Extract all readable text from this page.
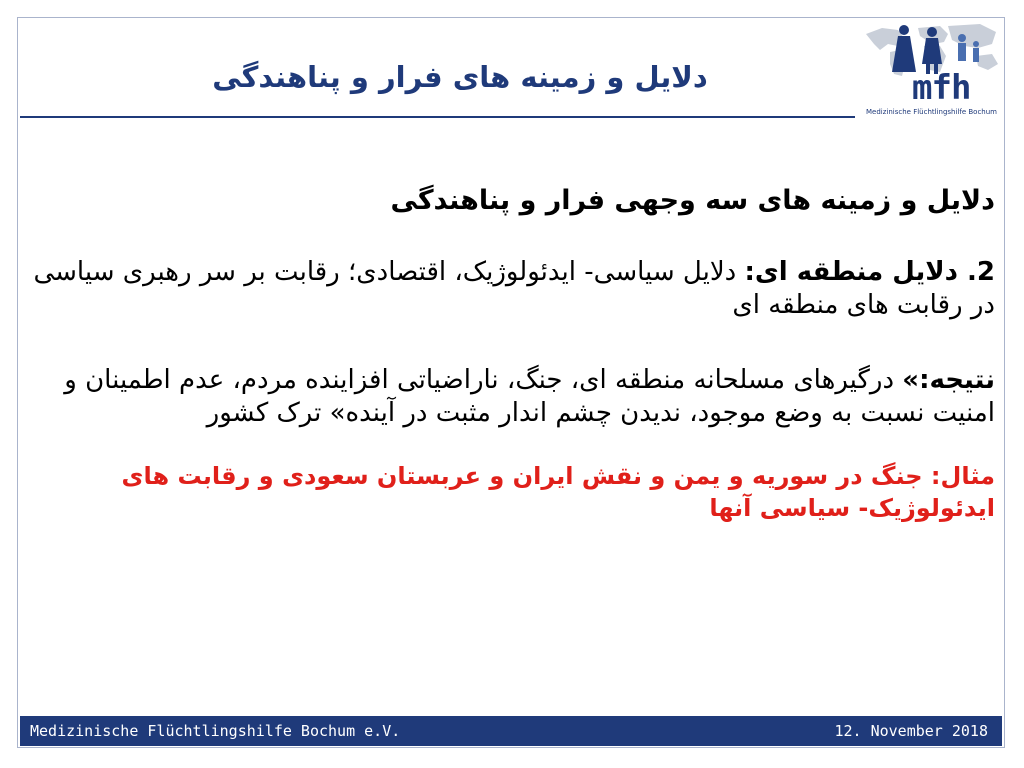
دلایل و زمینه های فرار و پناهندگی	mfh
Medizinische Flüchtlingshilfe Bochum

دلایل و زمینه های سه وجهی فرار و پناهندگی

2. دلایل منطقه ای: دلایل سیاسی- ایدئولوژیک، اقتصادی؛ رقابت بر سر رهبری سیاسی در رقابت های منطقه ای

نتیجه:» درگیرهای مسلحانه منطقه ای، جنگ، ناراضیاتی افزاینده مردم، عدم اطمینان و امنیت نسبت به وضع موجود، ندیدن چشم اندار مثبت در آینده» ترک کشور

مثال: جنگ در سوریه و یمن و نقش ایران و عربستان سعودی و رقابت های ایدئولوژیک- سیاسی آنها

Medizinische Flüchtlingshilfe Bochum e.V.	12. November 2018
